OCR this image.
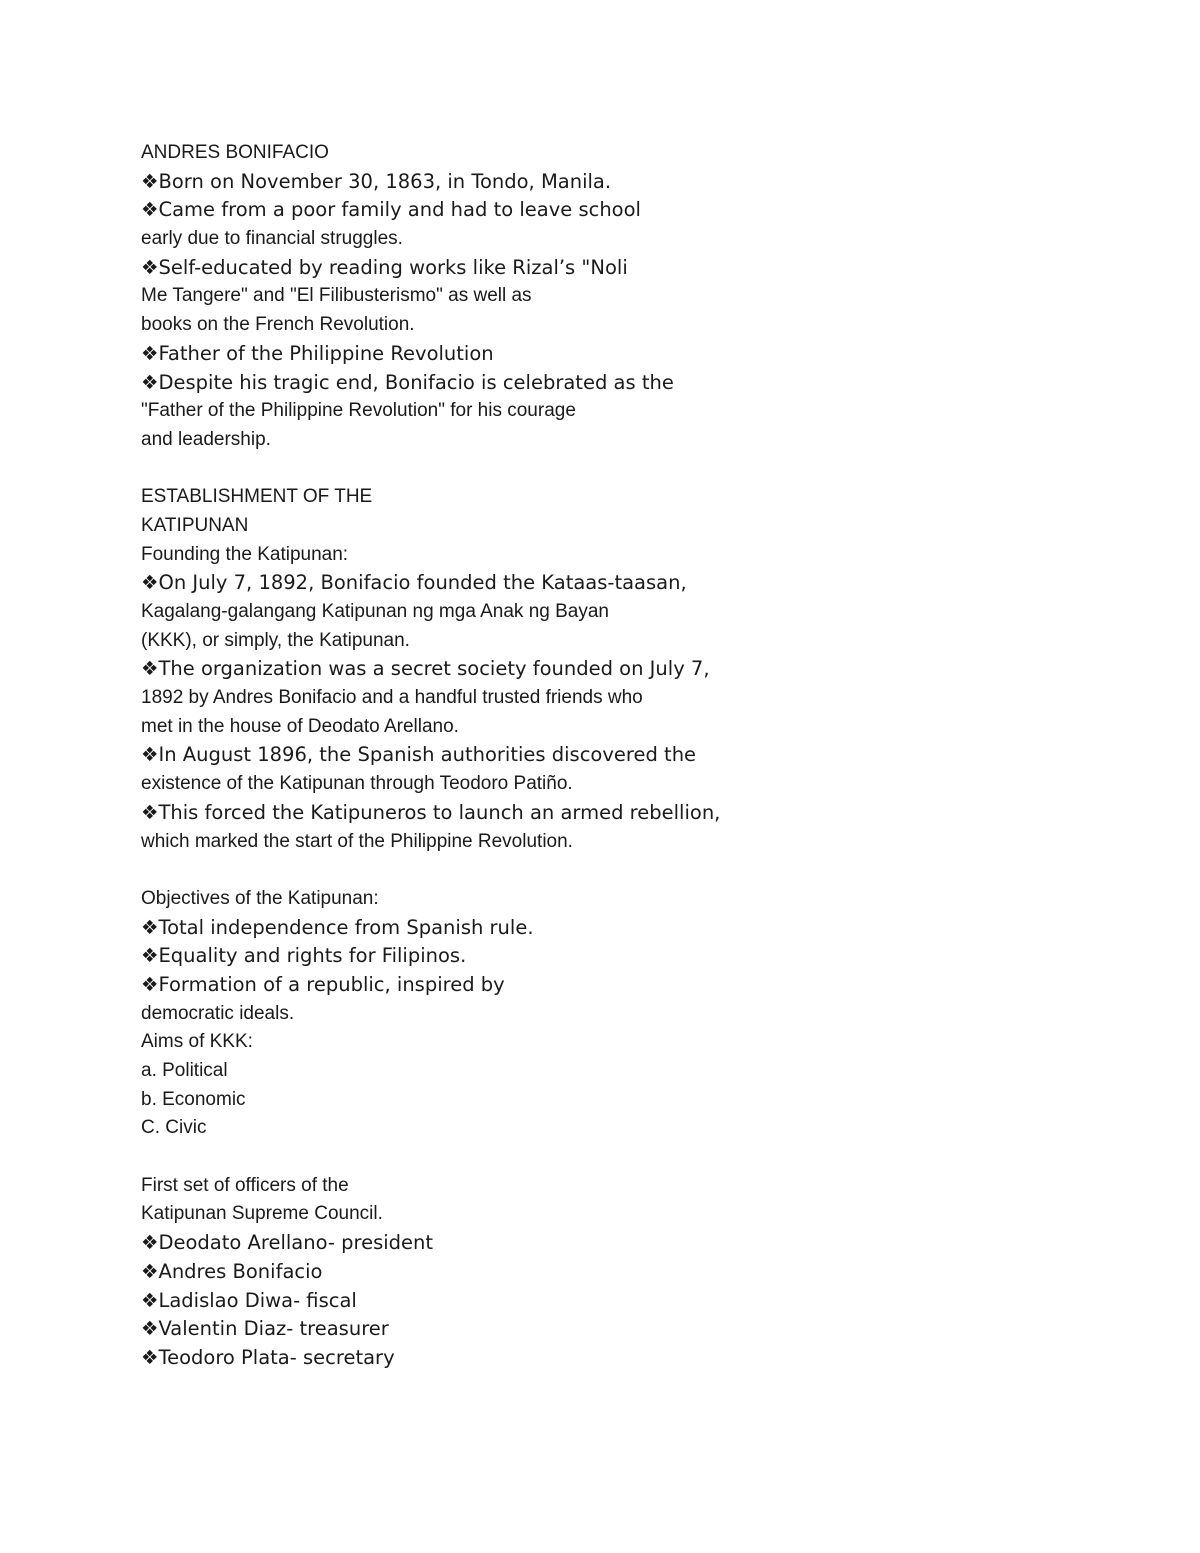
ANDRES BONIFACIO
❖Born on November 30, 1863, in Tondo, Manila.
❖Came from a poor family and had to leave school
early due to financial struggles.
❖Self-educated by reading works like Rizal’s "Noli
Me Tangere" and "El Filibusterismo" as well as
books on the French Revolution.
❖Father of the Philippine Revolution
❖Despite his tragic end, Bonifacio is celebrated as the
"Father of the Philippine Revolution" for his courage
and leadership.
ESTABLISHMENT OF THE
KATIPUNAN
Founding the Katipunan:
❖On July 7, 1892, Bonifacio founded the Kataas-taasan,
Kagalang-galangang Katipunan ng mga Anak ng Bayan
(KKK), or simply, the Katipunan.
❖The organization was a secret society founded on July 7,
1892 by Andres Bonifacio and a handful trusted friends who
met in the house of Deodato Arellano.
❖In August 1896, the Spanish authorities discovered the
existence of the Katipunan through Teodoro Patiño.
❖This forced the Katipuneros to launch an armed rebellion,
which marked the start of the Philippine Revolution.
Objectives of the Katipunan:
❖Total independence from Spanish rule.
❖Equality and rights for Filipinos.
❖Formation of a republic, inspired by
democratic ideals.
Aims of KKK:
a. Political
b. Economic
C. Civic
First set of officers of the
Katipunan Supreme Council.
❖Deodato Arellano- president
❖Andres Bonifacio
❖Ladislao Diwa- fiscal
❖Valentin Diaz- treasurer
❖Teodoro Plata- secretary
